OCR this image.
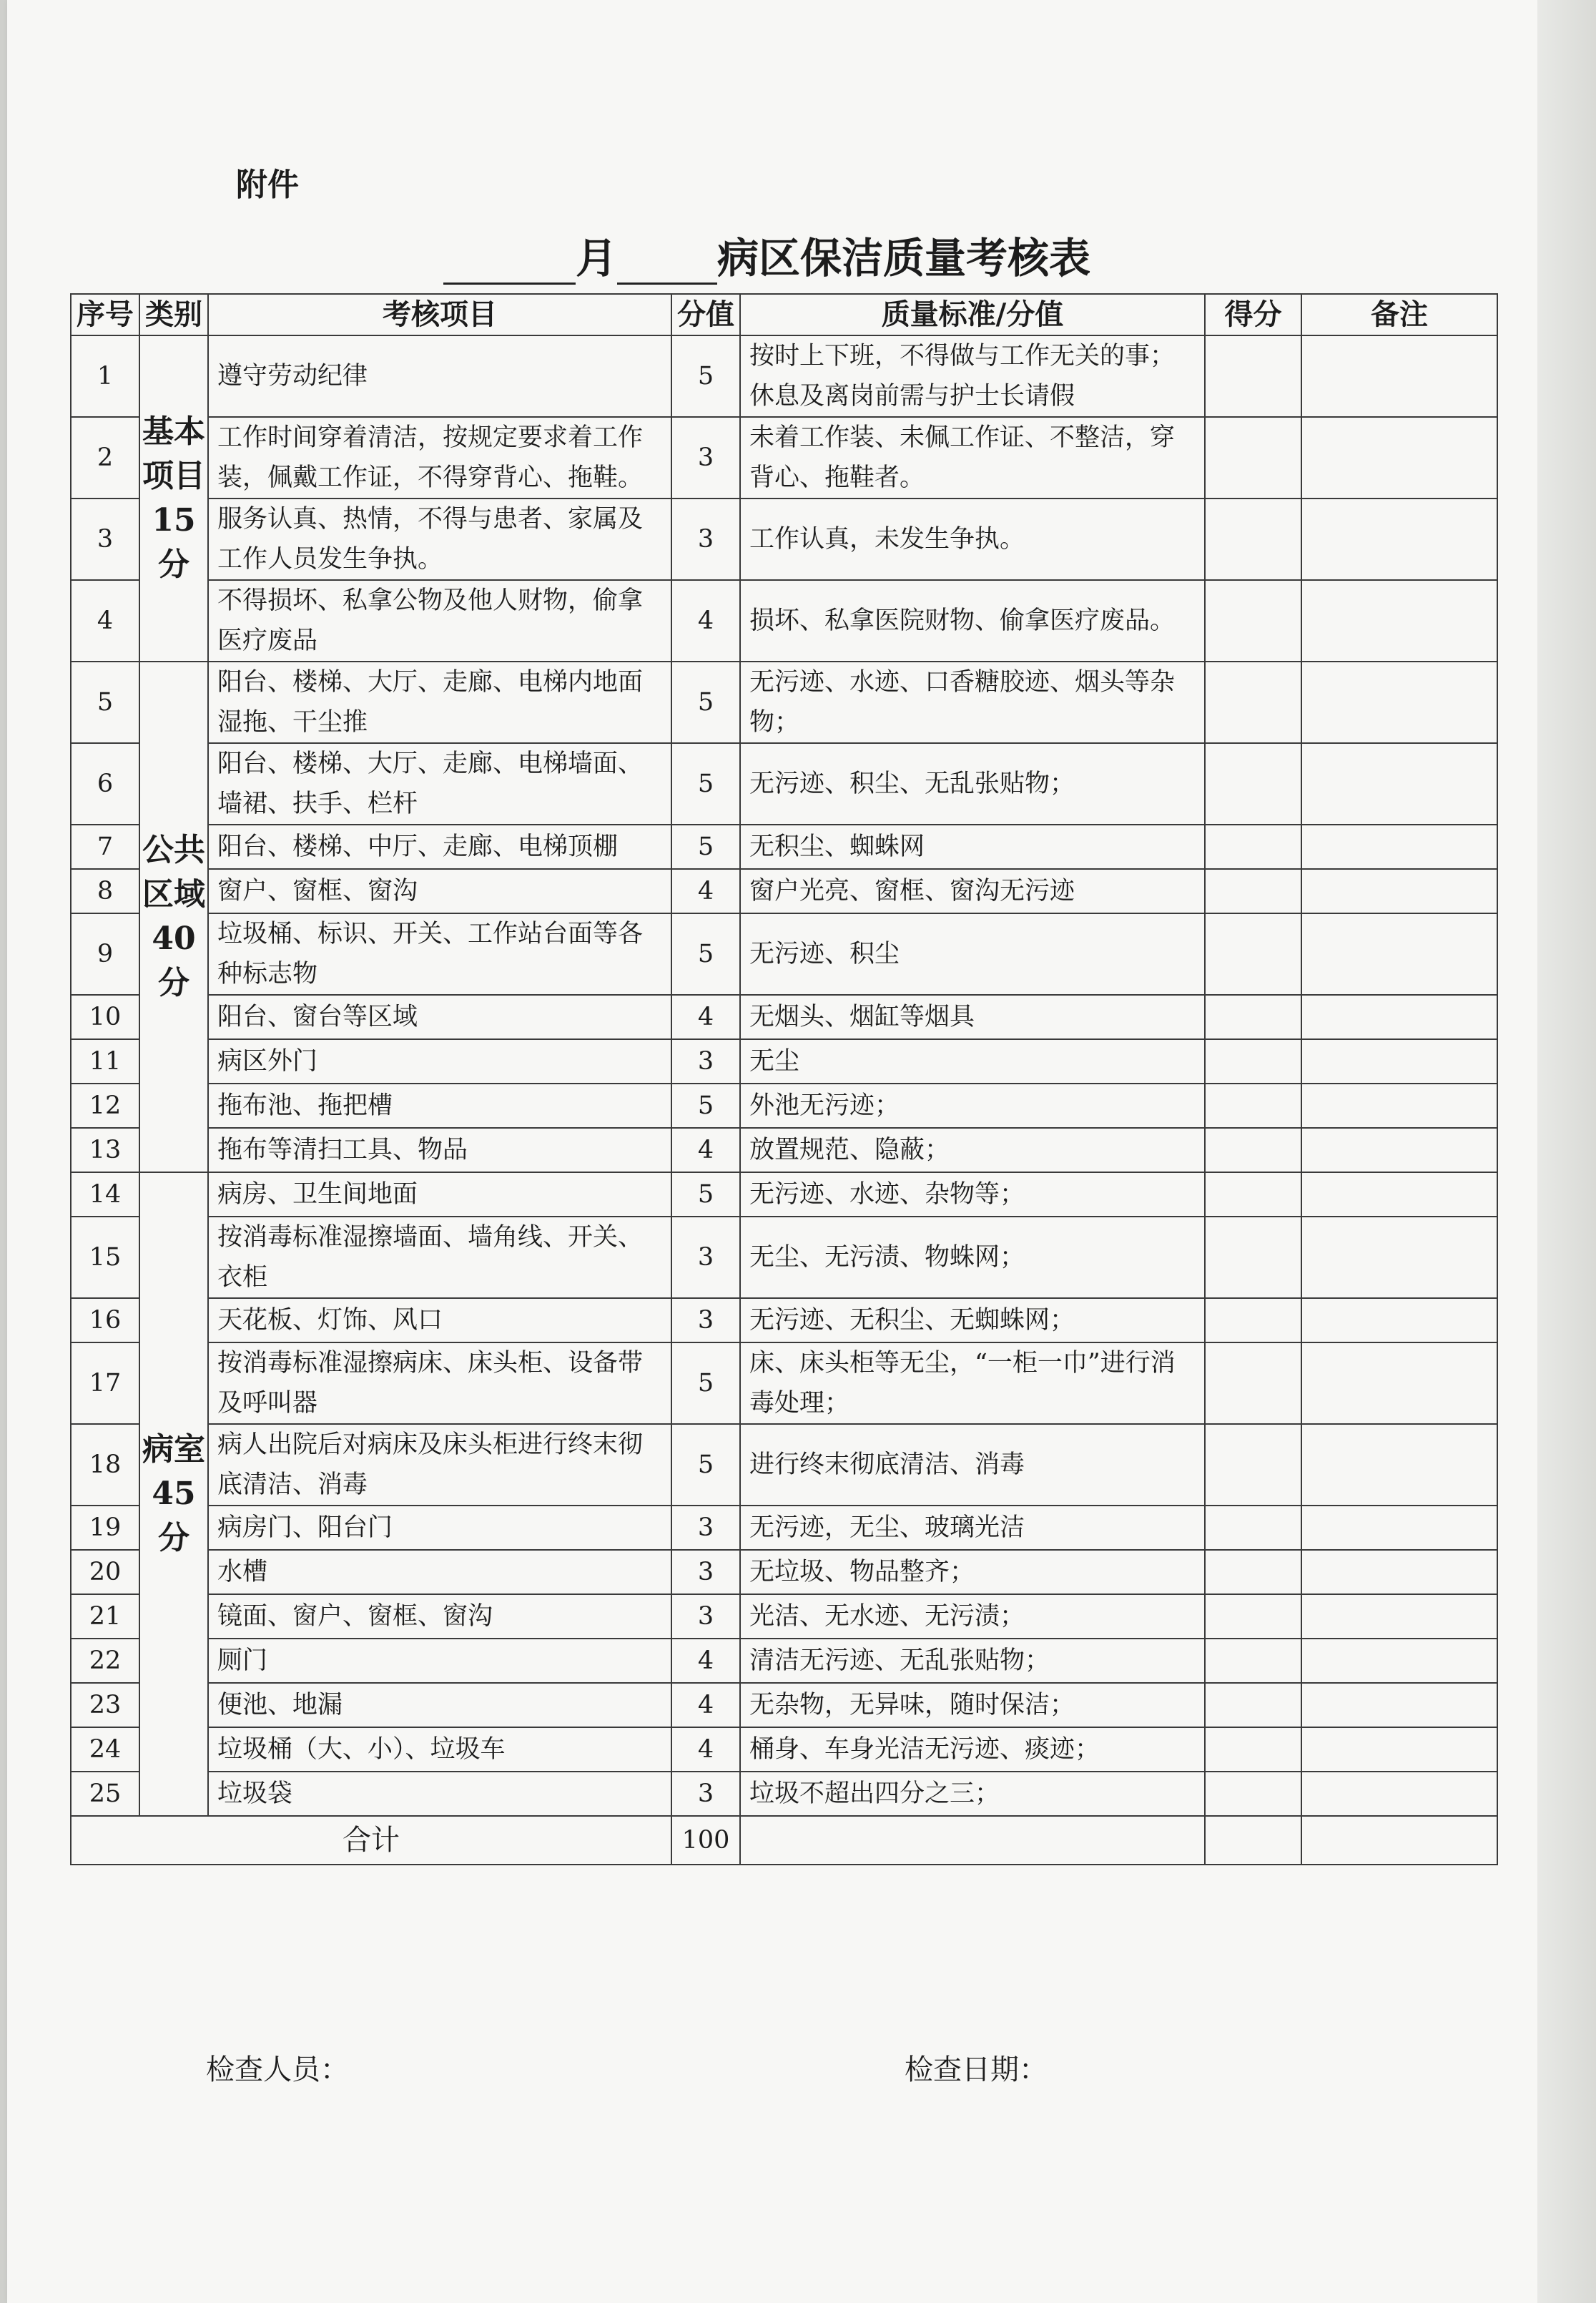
附件
月 病区保洁质量考核表
序号	类别	考核项目	分值	质量标准/分值	得分	备注
1	基本项目15分	遵守劳动纪律	5	按时上下班，不得做与工作无关的事；休息及离岗前需与护士长请假		
2		工作时间穿着清洁，按规定要求着工作装，佩戴工作证，不得穿背心、拖鞋。	3	未着工作装、未佩工作证、不整洁，穿背心、拖鞋者。		
3		服务认真、热情，不得与患者、家属及工作人员发生争执。	3	工作认真，未发生争执。		
4		不得损坏、私拿公物及他人财物，偷拿医疗废品	4	损坏、私拿医院财物、偷拿医疗废品。		
5	公共区域40分	阳台、楼梯、大厅、走廊、电梯内地面湿拖、干尘推	5	无污迹、水迹、口香糖胶迹、烟头等杂物；		
6		阳台、楼梯、大厅、走廊、电梯墙面、墙裙、扶手、栏杆	5	无污迹、积尘、无乱张贴物；		
7		阳台、楼梯、中厅、走廊、电梯顶棚	5	无积尘、蜘蛛网		
8		窗户、窗框、窗沟	4	窗户光亮、窗框、窗沟无污迹		
9		垃圾桶、标识、开关、工作站台面等各种标志物	5	无污迹、积尘		
10		阳台、窗台等区域	4	无烟头、烟缸等烟具		
11		病区外门	3	无尘		
12		拖布池、拖把槽	5	外池无污迹；		
13		拖布等清扫工具、物品	4	放置规范、隐蔽；		
14	病室45分	病房、卫生间地面	5	无污迹、水迹、杂物等；		
15		按消毒标准湿擦墙面、墙角线、开关、衣柜	3	无尘、无污渍、物蛛网；		
16		天花板、灯饰、风口	3	无污迹、无积尘、无蜘蛛网；		
17		按消毒标准湿擦病床、床头柜、设备带及呼叫器	5	床、床头柜等无尘，“一柜一巾”进行消毒处理；		
18		病人出院后对病床及床头柜进行终末彻底清洁、消毒	5	进行终末彻底清洁、消毒		
19		病房门、阳台门	3	无污迹，无尘、玻璃光洁		
20		水槽	3	无垃圾、物品整齐；		
21		镜面、窗户、窗框、窗沟	3	光洁、无水迹、无污渍；		
22		厕门	4	清洁无污迹、无乱张贴物；		
23		便池、地漏	4	无杂物，无异味，随时保洁；		
24		垃圾桶（大、小）、垃圾车	4	桶身、车身光洁无污迹、痰迹；		
25		垃圾袋	3	垃圾不超出四分之三；		
合计			100			
检查人员：	检查日期：
